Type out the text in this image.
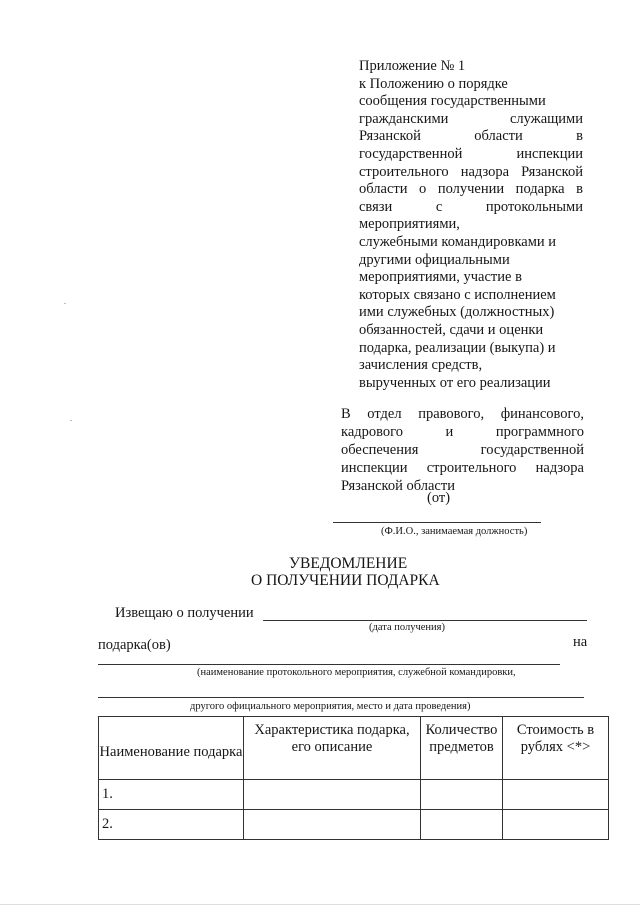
Приложение № 1
к Положению о порядке
сообщения государственными
гражданскими служащими
Рязанской области в
государственной инспекции
строительного надзора Рязанской
области о получении подарка в
связи с протокольными
мероприятиями,
служебными командировками и
другими официальными
мероприятиями, участие в
которых связано с исполнением
ими служебных (должностных)
обязанностей, сдачи и оценки
подарка, реализации (выкупа) и
зачисления средств,
вырученных от его реализации
В отдел правового, финансового,
кадрового и программного
обеспечения государственной
инспекции строительного надзора
Рязанской области
(от)
(Ф.И.О., занимаемая должность)
УВЕДОМЛЕНИЕ
О ПОЛУЧЕНИИ ПОДАРКА
Извещаю о получении
(дата получения)
подарка(ов)	на
(наименование протокольного мероприятия, служебной командировки,
другого официального мероприятия, место и дата проведения)
Наименование подарка	Характеристика подарка, его описание	Количество предметов	Стоимость в рублях <*>

1.			
2.			
